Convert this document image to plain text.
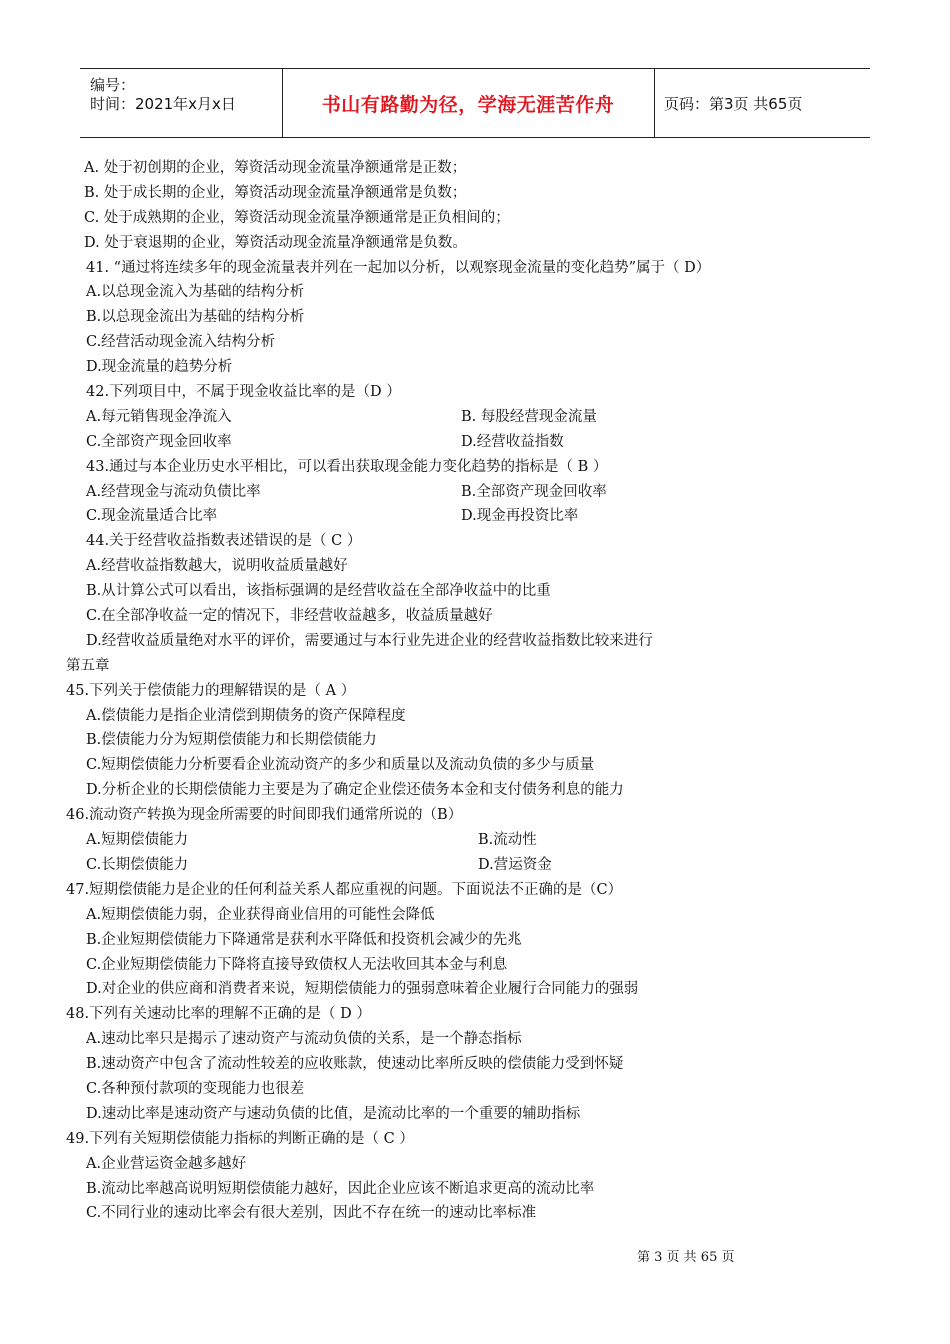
编号：
时间：2021年x月x日	书山有路勤为径，学海无涯苦作舟	页码：第3页 共65页
A. 处于初创期的企业，筹资活动现金流量净额通常是正数；
B. 处于成长期的企业，筹资活动现金流量净额通常是负数；
C. 处于成熟期的企业，筹资活动现金流量净额通常是正负相间的；
D. 处于衰退期的企业，筹资活动现金流量净额通常是负数。
41. “通过将连续多年的现金流量表并列在一起加以分析，以观察现金流量的变化趋势”属于（ D）
A.以总现金流入为基础的结构分析
B.以总现金流出为基础的结构分析
C.经营活动现金流入结构分析
D.现金流量的趋势分析
42.下列项目中，不属于现金收益比率的是（D ）
A.每元销售现金净流入	B. 每股经营现金流量
C.全部资产现金回收率	D.经营收益指数
43.通过与本企业历史水平相比，可以看出获取现金能力变化趋势的指标是（ B ）
A.经营现金与流动负债比率	B.全部资产现金回收率
C.现金流量适合比率	D.现金再投资比率
44.关于经营收益指数表述错误的是（ C ）
A.经营收益指数越大，说明收益质量越好
B.从计算公式可以看出，该指标强调的是经营收益在全部净收益中的比重
C.在全部净收益一定的情况下，非经营收益越多，收益质量越好
D.经营收益质量绝对水平的评价，需要通过与本行业先进企业的经营收益指数比较来进行
第五章
45.下列关于偿债能力的理解错误的是（ A ）
A.偿债能力是指企业清偿到期债务的资产保障程度
B.偿债能力分为短期偿债能力和长期偿债能力
C.短期偿债能力分析要看企业流动资产的多少和质量以及流动负债的多少与质量
D.分析企业的长期偿债能力主要是为了确定企业偿还债务本金和支付债务利息的能力
46.流动资产转换为现金所需要的时间即我们通常所说的（B）
A.短期偿债能力	B.流动性
C.长期偿债能力	D.营运资金
47.短期偿债能力是企业的任何利益关系人都应重视的问题。下面说法不正确的是（C）
A.短期偿债能力弱，企业获得商业信用的可能性会降低
B.企业短期偿债能力下降通常是获利水平降低和投资机会减少的先兆
C.企业短期偿债能力下降将直接导致债权人无法收回其本金与利息
D.对企业的供应商和消费者来说，短期偿债能力的强弱意味着企业履行合同能力的强弱
48.下列有关速动比率的理解不正确的是（ D ）
A.速动比率只是揭示了速动资产与流动负债的关系，是一个静态指标
B.速动资产中包含了流动性较差的应收账款，使速动比率所反映的偿债能力受到怀疑
C.各种预付款项的变现能力也很差
D.速动比率是速动资产与速动负债的比值，是流动比率的一个重要的辅助指标
49.下列有关短期偿债能力指标的判断正确的是（ C ）
A.企业营运资金越多越好
B.流动比率越高说明短期偿债能力越好，因此企业应该不断追求更高的流动比率
C.不同行业的速动比率会有很大差别，因此不存在统一的速动比率标准
第 3 页 共 65 页
